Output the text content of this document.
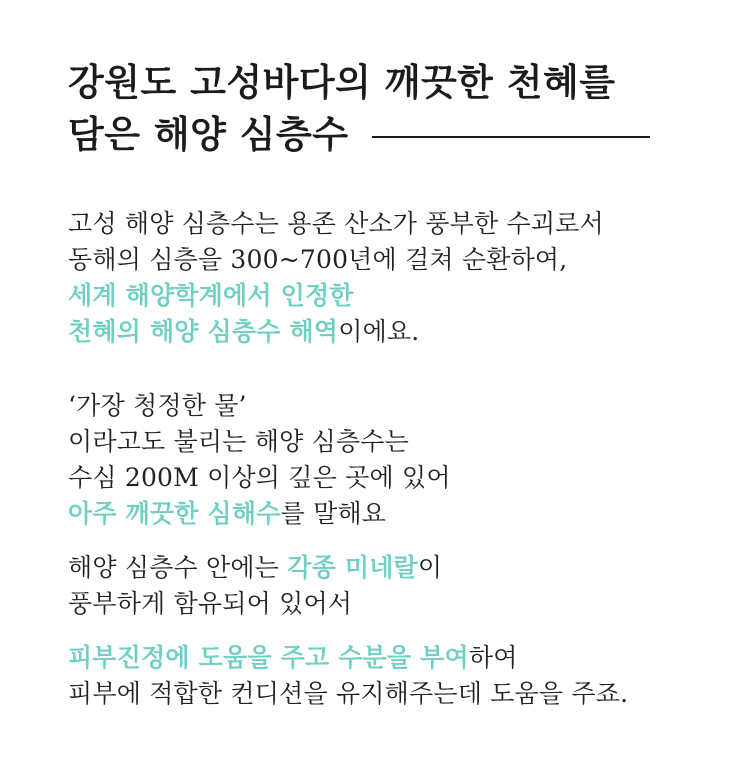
강원도 고성바다의 깨끗한 천혜를
담은 해양 심층수

고성 해양 심층수는 용존 산소가 풍부한 수괴로서
동해의 심층을 300~700년에 걸쳐 순환하여,
세계 해양학계에서 인정한
천혜의 해양 심층수 해역이에요.

‘가장 청정한 물’
이라고도 불리는 해양 심층수는
수심 200M 이상의 깊은 곳에 있어
아주 깨끗한 심해수를 말해요

해양 심층수 안에는 각종 미네랄이
풍부하게 함유되어 있어서

피부진정에 도움을 주고 수분을 부여하여
피부에 적합한 컨디션을 유지해주는데 도움을 주죠.
